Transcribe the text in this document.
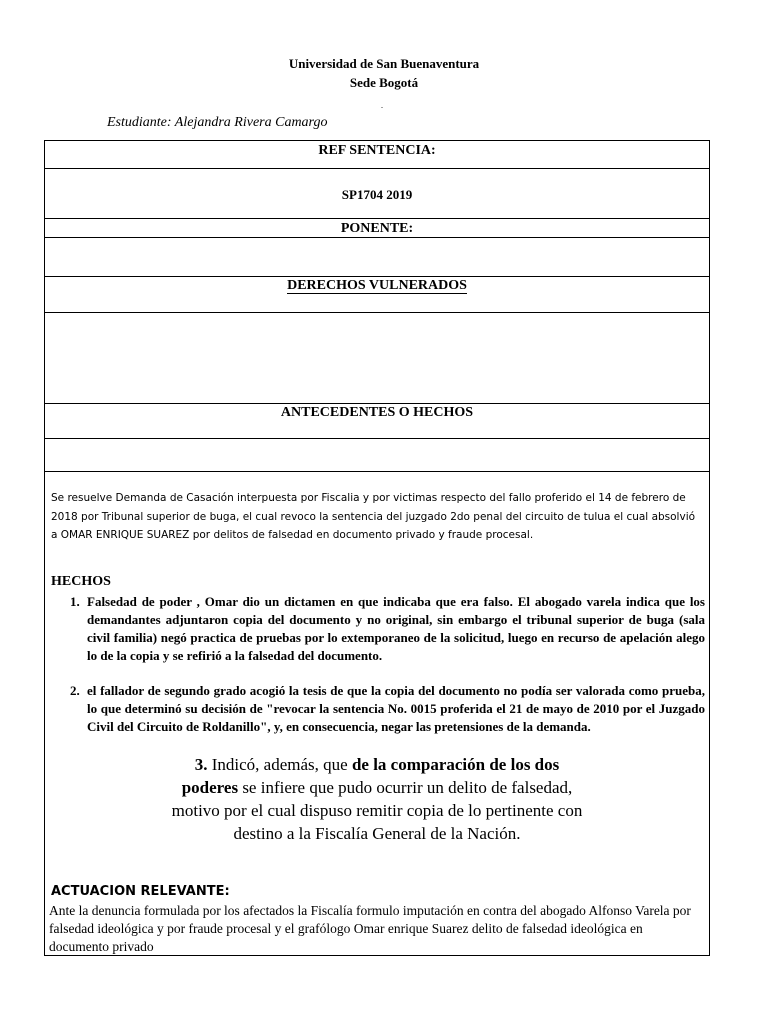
Universidad de San Buenaventura
Sede Bogotá
.
Estudiante: Alejandra Rivera Camargo
REF SENTENCIA:
SP1704 2019
PONENTE:
DERECHOS VULNERADOS
ANTECEDENTES O HECHOS
Se resuelve Demanda de Casación interpuesta por Fiscalia y por victimas respecto del fallo proferido el 14 de febrero de 2018 por Tribunal superior de buga, el cual revoco la sentencia del juzgado 2do penal del circuito de tulua el cual absolvió a OMAR ENRIQUE SUAREZ por delitos de falsedad en documento privado y fraude procesal.
HECHOS
1. Falsedad de poder , Omar dio un dictamen en que indicaba que era falso. El abogado varela indica que los demandantes adjuntaron copia del documento y no original, sin embargo el tribunal superior de buga (sala civil familia) negó practica de pruebas por lo extemporaneo de la solicitud, luego en recurso de apelación alego lo de la copia y se refirió a la falsedad del documento.
2. el fallador de segundo grado acogió la tesis de que la copia del documento no podía ser valorada como prueba, lo que determinó su decisión de "revocar la sentencia No. 0015 proferida el 21 de mayo de 2010 por el Juzgado Civil del Circuito de Roldanillo", y, en consecuencia, negar las pretensiones de la demanda.
3. Indicó, además, que de la comparación de los dos
poderes se infiere que pudo ocurrir un delito de falsedad,
motivo por el cual dispuso remitir copia de lo pertinente con
destino a la Fiscalía General de la Nación.
ACTUACION RELEVANTE:
Ante la denuncia formulada por los afectados la Fiscalía formulo imputación en contra del abogado Alfonso Varela por falsedad ideológica y por fraude procesal y el grafólogo Omar enrique Suarez delito de falsedad ideológica en documento privado
